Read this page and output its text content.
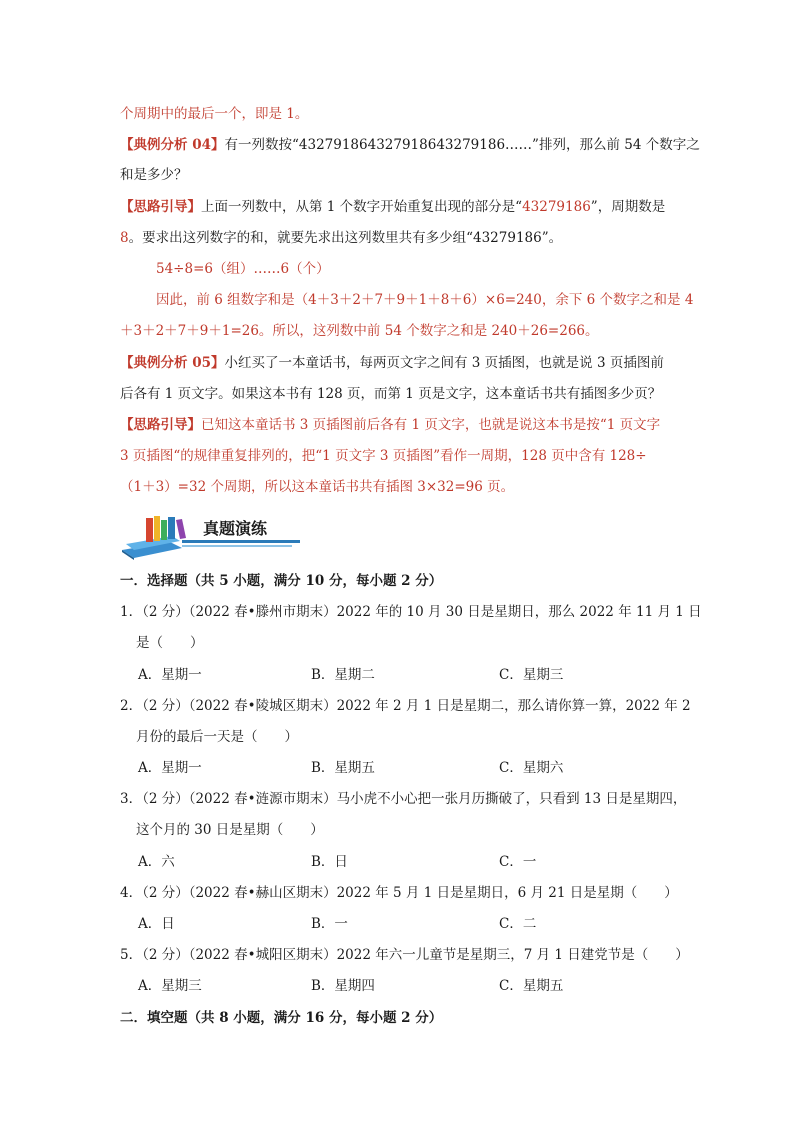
个周期中的最后一个，即是 1。
【典例分析 04】有一列数按“432791864327918643279186……”排列，那么前 54 个数字之
和是多少？
【思路引导】上面一列数中，从第 1 个数字开始重复出现的部分是“43279186”，周期数是
8。要求出这列数字的和，就要先求出这列数里共有多少组“43279186”。
54÷8=6（组）……6（个）
因此，前 6 组数字和是（4＋3＋2＋7＋9＋1＋8＋6）×6=240，余下 6 个数字之和是 4
＋3＋2＋7＋9＋1=26。所以，这列数中前 54 个数字之和是 240＋26=266。
【典例分析 05】小红买了一本童话书，每两页文字之间有 3 页插图，也就是说 3 页插图前
后各有 1 页文字。如果这本书有 128 页，而第 1 页是文字，这本童话书共有插图多少页？
【思路引导】已知这本童话书 3 页插图前后各有 1 页文字，也就是说这本书是按“1 页文字
3 页插图“的规律重复排列的，把“1 页文字 3 页插图”看作一周期，128 页中含有 128÷
（1＋3）=32 个周期，所以这本童话书共有插图 3×32=96 页。
真题演练
一．选择题（共 5 小题，满分 10 分，每小题 2 分）
1．（2 分）（2022 春•滕州市期末）2022 年的 10 月 30 日是星期日，那么 2022 年 11 月 1 日
是（　　）
A．星期一	B．星期二	C．星期三
2．（2 分）（2022 春•陵城区期末）2022 年 2 月 1 日是星期二，那么请你算一算，2022 年 2
月份的最后一天是（　　）
A．星期一	B．星期五	C．星期六
3．（2 分）（2022 春•涟源市期末）马小虎不小心把一张月历撕破了，只看到 13 日是星期四，
这个月的 30 日是星期（　　）
A．六	B．日	C．一
4．（2 分）（2022 春•赫山区期末）2022 年 5 月 1 日是星期日，6 月 21 日是星期（　　）
A．日	B．一	C．二
5．（2 分）（2022 春•城阳区期末）2022 年六一儿童节是星期三，7 月 1 日建党节是（　　）
A．星期三	B．星期四	C．星期五
二．填空题（共 8 小题，满分 16 分，每小题 2 分）
